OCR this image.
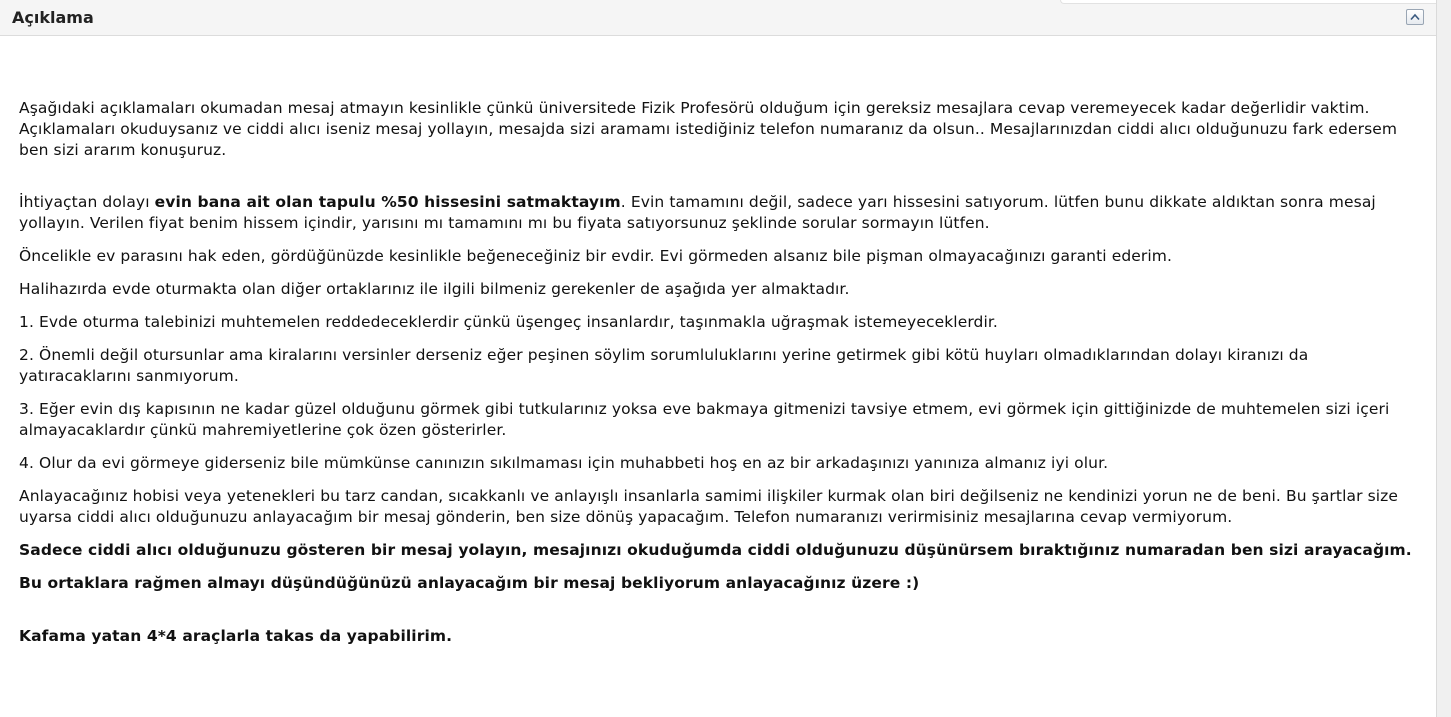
Açıklama

Aşağıdaki açıklamaları okumadan mesaj atmayın kesinlikle çünkü üniversitede Fizik Profesörü olduğum için gereksiz mesajlara cevap veremeyecek kadar değerlidir vaktim. Açıklamaları okuduysanız ve ciddi alıcı iseniz mesaj yollayın, mesajda sizi aramamı istediğiniz telefon numaranız da olsun.. Mesajlarınızdan ciddi alıcı olduğunuzu fark edersem ben sizi ararım konuşuruz.

İhtiyaçtan dolayı evin bana ait olan tapulu %50 hissesini satmaktayım. Evin tamamını değil, sadece yarı hissesini satıyorum. lütfen bunu dikkate aldıktan sonra mesaj yollayın. Verilen fiyat benim hissem içindir, yarısını mı tamamını mı bu fiyata satıyorsunuz şeklinde sorular sormayın lütfen.

Öncelikle ev parasını hak eden, gördüğünüzde kesinlikle beğeneceğiniz bir evdir. Evi görmeden alsanız bile pişman olmayacağınızı garanti ederim.

Halihazırda evde oturmakta olan diğer ortaklarınız ile ilgili bilmeniz gerekenler de aşağıda yer almaktadır.

1. Evde oturma talebinizi muhtemelen reddedeceklerdir çünkü üşengeç insanlardır, taşınmakla uğraşmak istemeyeceklerdir.

2. Önemli değil otursunlar ama kiralarını versinler derseniz eğer peşinen söylim sorumluluklarını yerine getirmek gibi kötü huyları olmadıklarından dolayı kiranızı da yatıracaklarını sanmıyorum.

3. Eğer evin dış kapısının ne kadar güzel olduğunu görmek gibi tutkularınız yoksa eve bakmaya gitmenizi tavsiye etmem, evi görmek için gittiğinizde de muhtemelen sizi içeri almayacaklardır çünkü mahremiyetlerine çok özen gösterirler.

4. Olur da evi görmeye giderseniz bile mümkünse canınızın sıkılmaması için muhabbeti hoş en az bir arkadaşınızı yanınıza almanız iyi olur.

Anlayacağınız hobisi veya yetenekleri bu tarz candan, sıcakkanlı ve anlayışlı insanlarla samimi ilişkiler kurmak olan biri değilseniz ne kendinizi yorun ne de beni. Bu şartlar size uyarsa ciddi alıcı olduğunuzu anlayacağım bir mesaj gönderin, ben size dönüş yapacağım. Telefon numaranızı verirmisiniz mesajlarına cevap vermiyorum.

Sadece ciddi alıcı olduğunuzu gösteren bir mesaj yolayın, mesajınızı okuduğumda ciddi olduğunuzu düşünürsem bıraktığınız numaradan ben sizi arayacağım.

Bu ortaklara rağmen almayı düşündüğünüzü anlayacağım bir mesaj bekliyorum anlayacağınız üzere :)

Kafama yatan 4*4 araçlarla takas da yapabilirim.
